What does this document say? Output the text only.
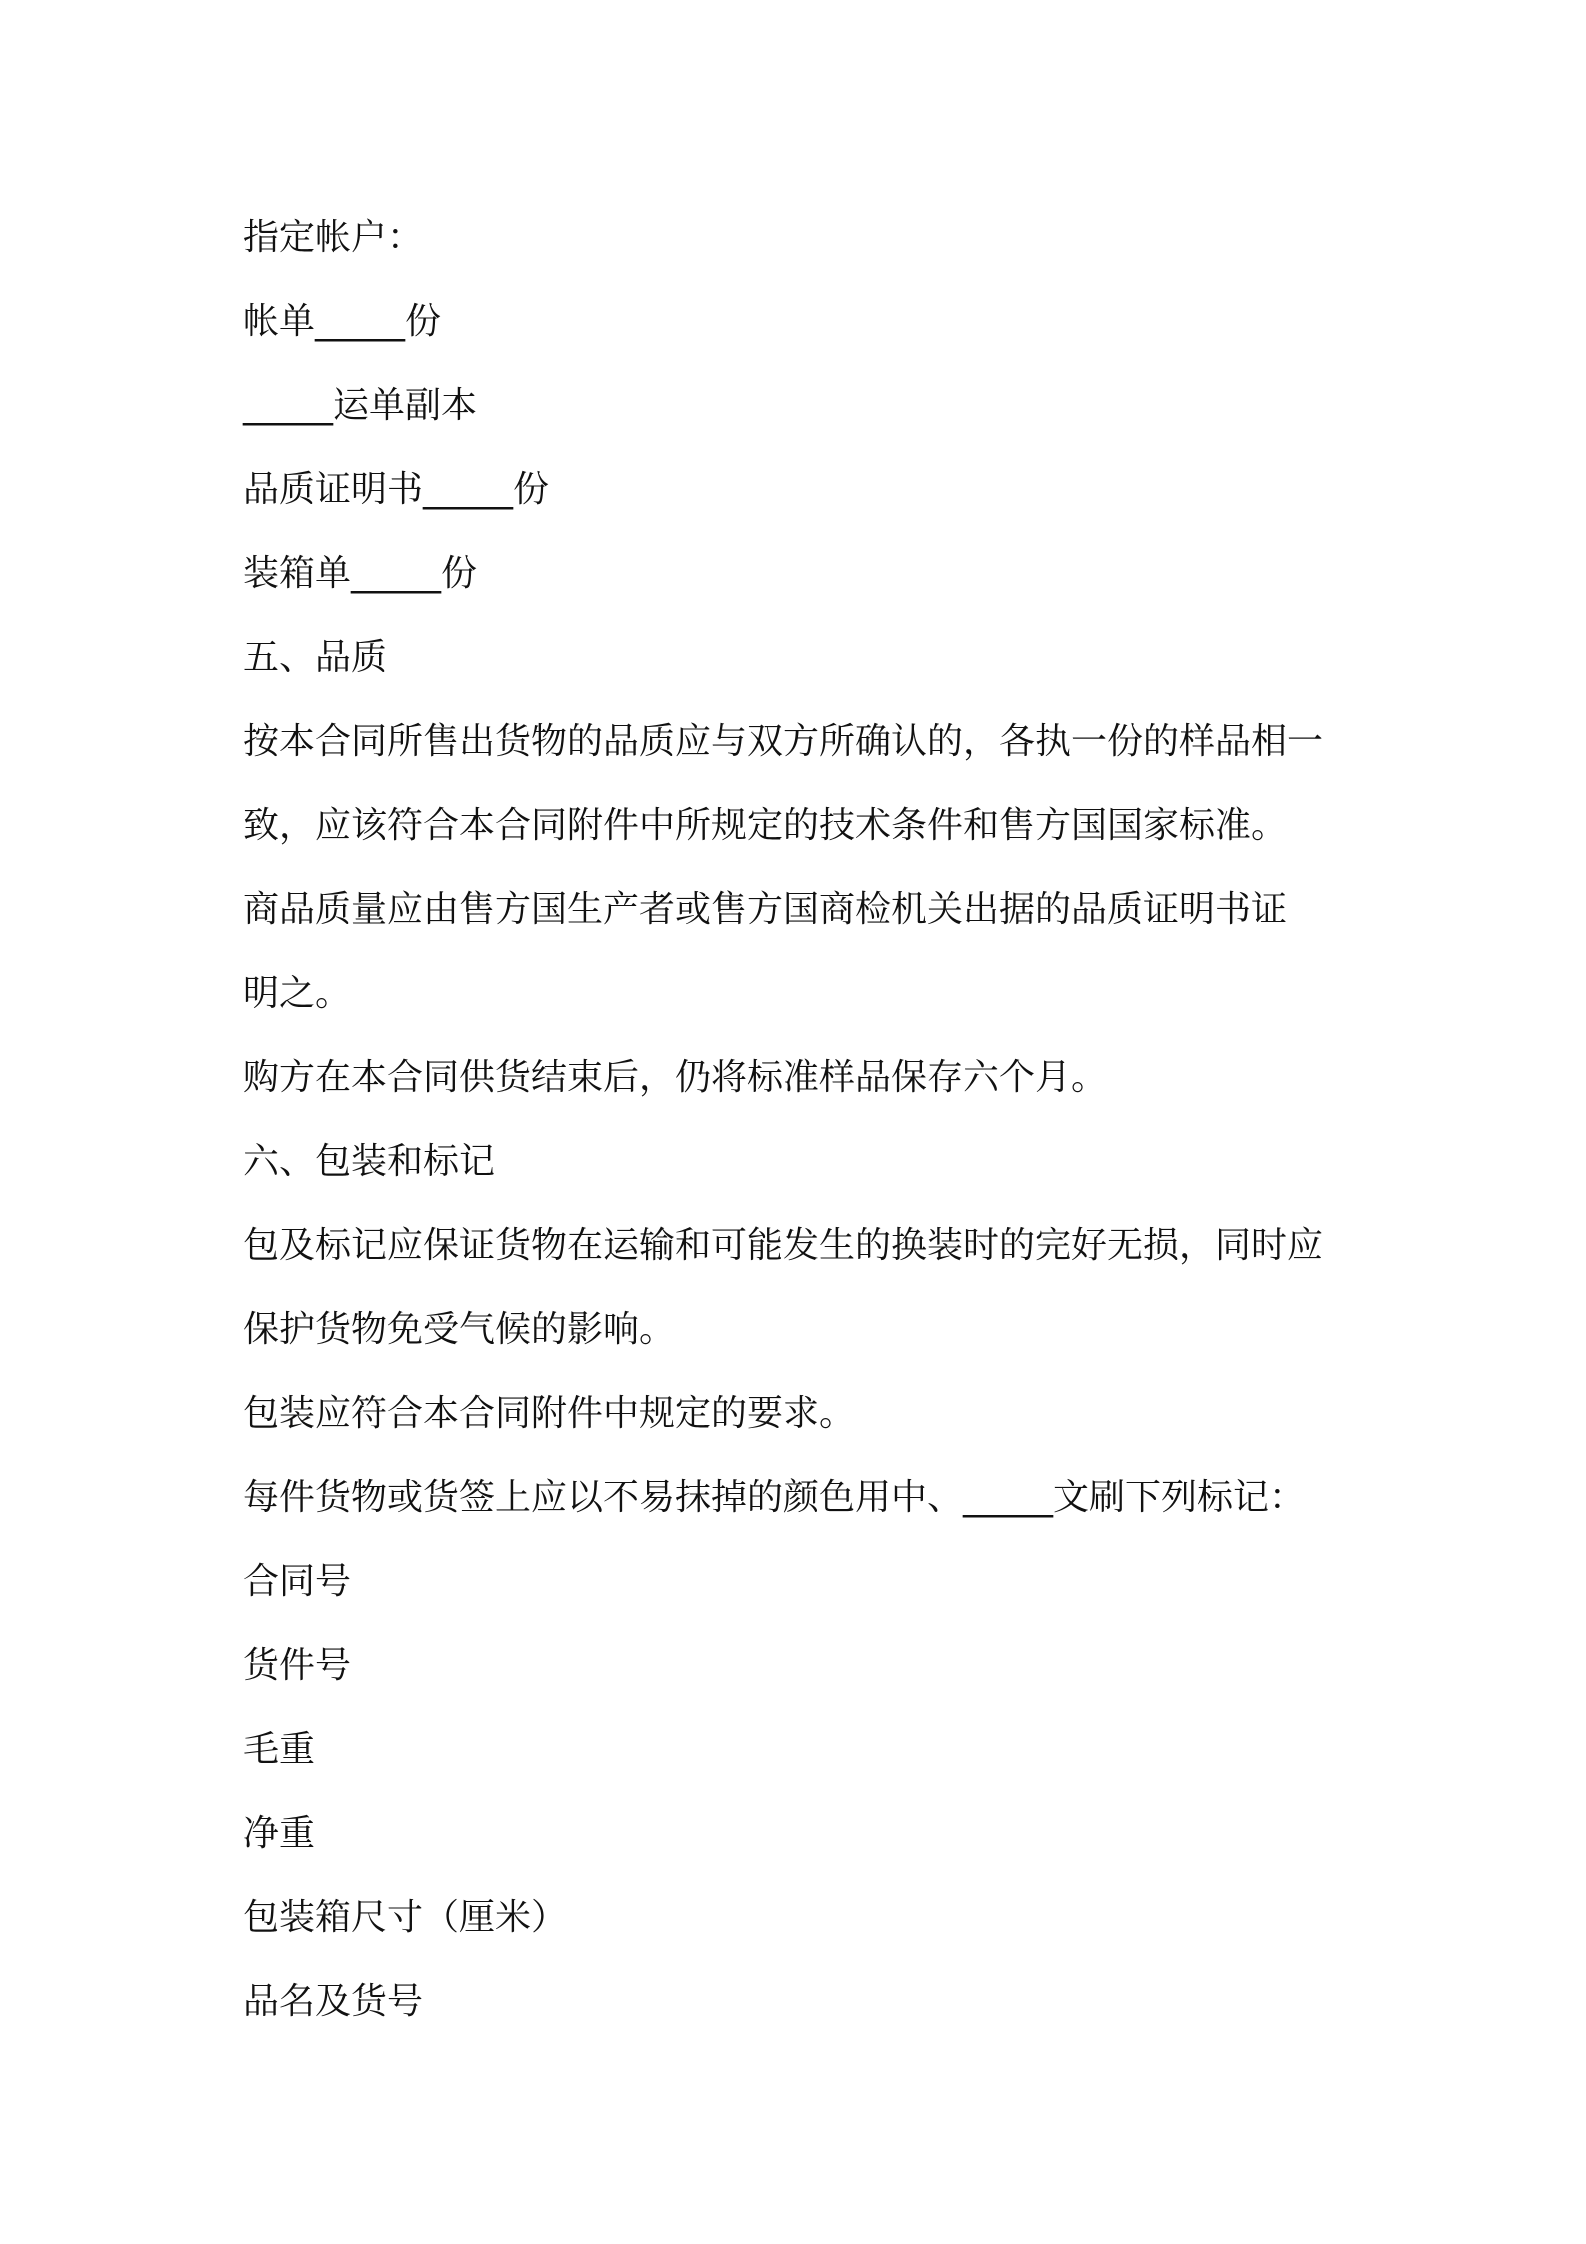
指定帐户：

帐单_____份

_____运单副本

品质证明书_____份

装箱单_____份

五、品质

按本合同所售出货物的品质应与双方所确认的，各执一份的样品相一

致，应该符合本合同附件中所规定的技术条件和售方国国家标准。

商品质量应由售方国生产者或售方国商检机关出据的品质证明书证

明之。

购方在本合同供货结束后，仍将标准样品保存六个月。

六、包装和标记

包及标记应保证货物在运输和可能发生的换装时的完好无损，同时应

保护货物免受气候的影响。

包装应符合本合同附件中规定的要求。

每件货物或货签上应以不易抹掉的颜色用中、_____文刷下列标记：

合同号

货件号

毛重

净重

包装箱尺寸（厘米）

品名及货号
